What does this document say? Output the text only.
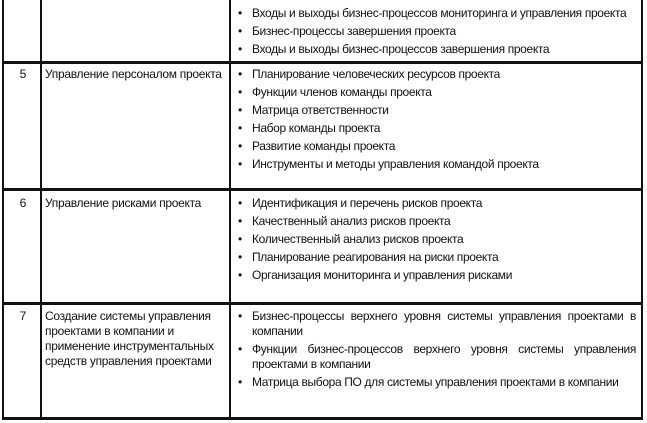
• Входы и выходы бизнес-процессов мониторинга и управления проекта
• Бизнес-процессы завершения проекта
• Входы и выходы бизнес-процессов завершения проекта
5	Управление персоналом проекта	• Планирование человеческих ресурсов проекта
• Функции членов команды проекта
• Матрица ответственности
• Набор команды проекта
• Развитие команды проекта
• Инструменты и методы управления командой проекта
6	Управление рисками проекта	• Идентификация и перечень рисков проекта
• Качественный анализ рисков проекта
• Количественный анализ рисков проекта
• Планирование реагирования на риски проекта
• Организация мониторинга и управления рисками
7	Создание системы управления проектами в компании и применение инструментальных средств управления проектами
• Бизнес-процессы верхнего уровня системы управления проектами в компании
• Функции бизнес-процессов верхнего уровня системы управления проектами в компании
• Матрица выбора ПО для системы управления проектами в компании
